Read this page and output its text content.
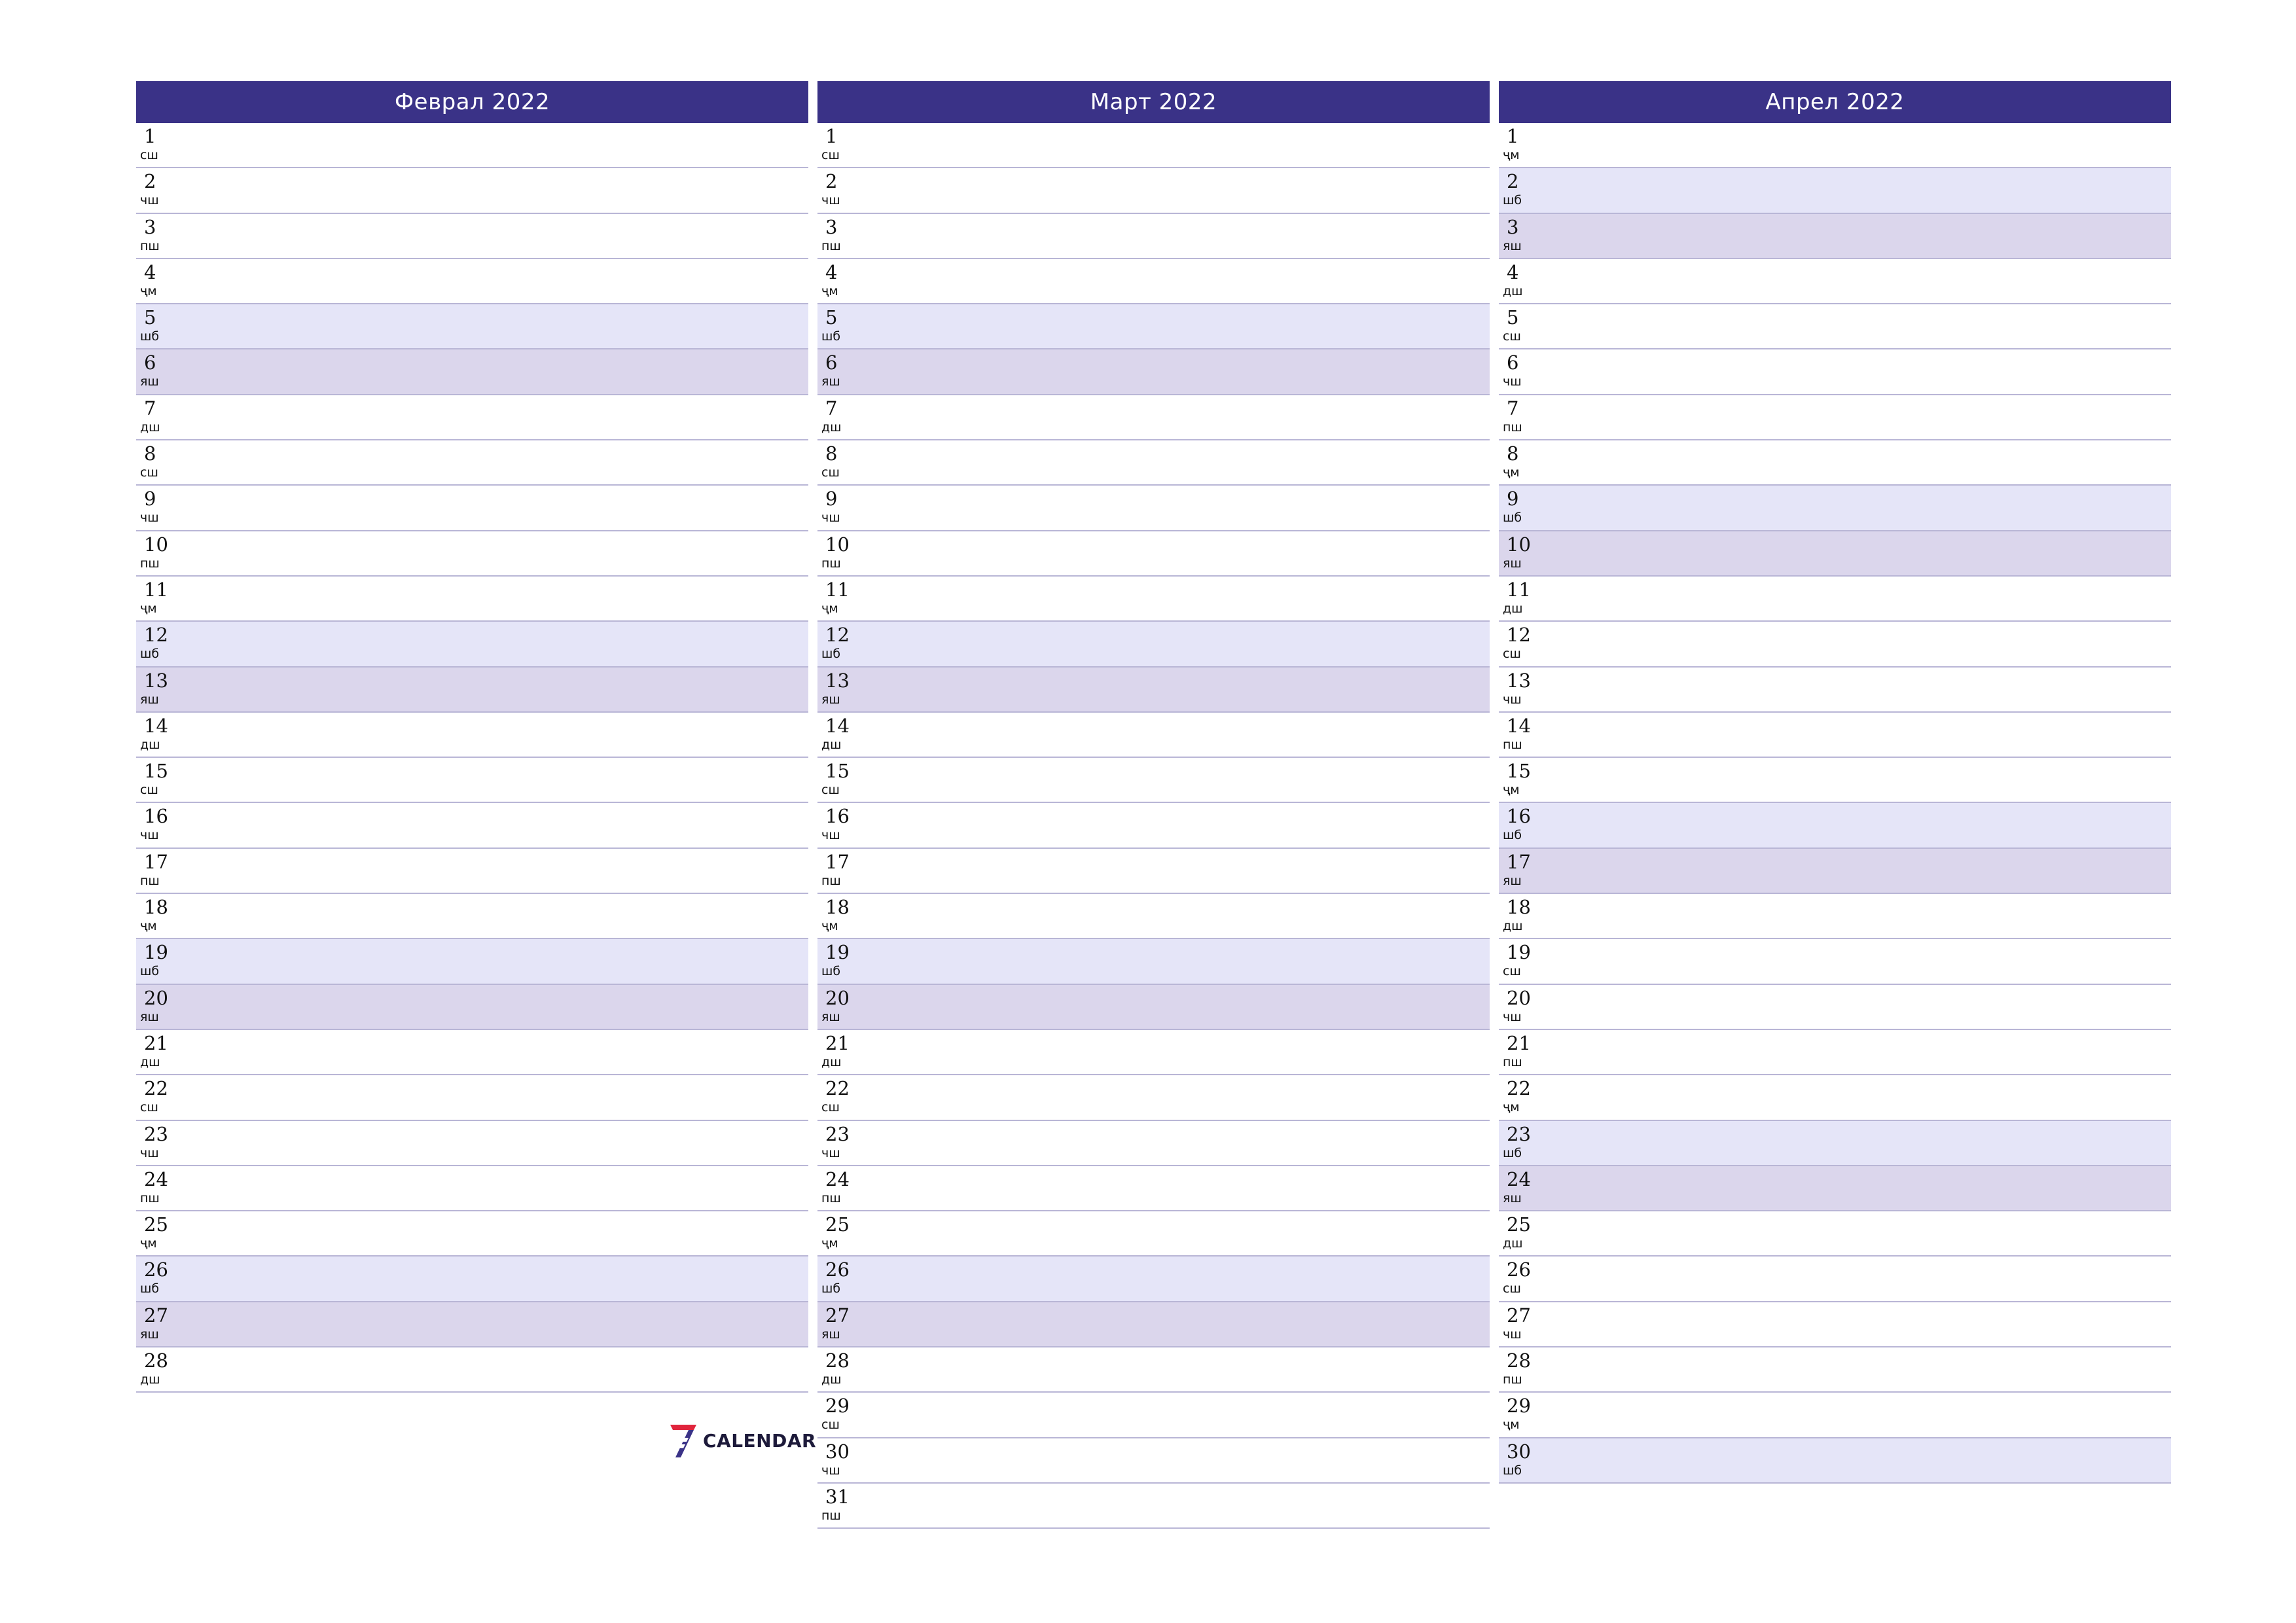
Феврал 2022
1
сш
2
чш
3
пш
4
ҷм
5
шб
6
яш
7
дш
8
сш
9
чш
10
пш
11
ҷм
12
шб
13
яш
14
дш
15
сш
16
чш
17
пш
18
ҷм
19
шб
20
яш
21
дш
22
сш
23
чш
24
пш
25
ҷм
26
шб
27
яш
28
дш
Март 2022
1
сш
2
чш
3
пш
4
ҷм
5
шб
6
яш
7
дш
8
сш
9
чш
10
пш
11
ҷм
12
шб
13
яш
14
дш
15
сш
16
чш
17
пш
18
ҷм
19
шб
20
яш
21
дш
22
сш
23
чш
24
пш
25
ҷм
26
шб
27
яш
28
дш
29
сш
30
чш
31
пш
Апрел 2022
1
ҷм
2
шб
3
яш
4
дш
5
сш
6
чш
7
пш
8
ҷм
9
шб
10
яш
11
дш
12
сш
13
чш
14
пш
15
ҷм
16
шб
17
яш
18
дш
19
сш
20
чш
21
пш
22
ҷм
23
шб
24
яш
25
дш
26
сш
27
чш
28
пш
29
ҷм
30
шб
CALENDAR
